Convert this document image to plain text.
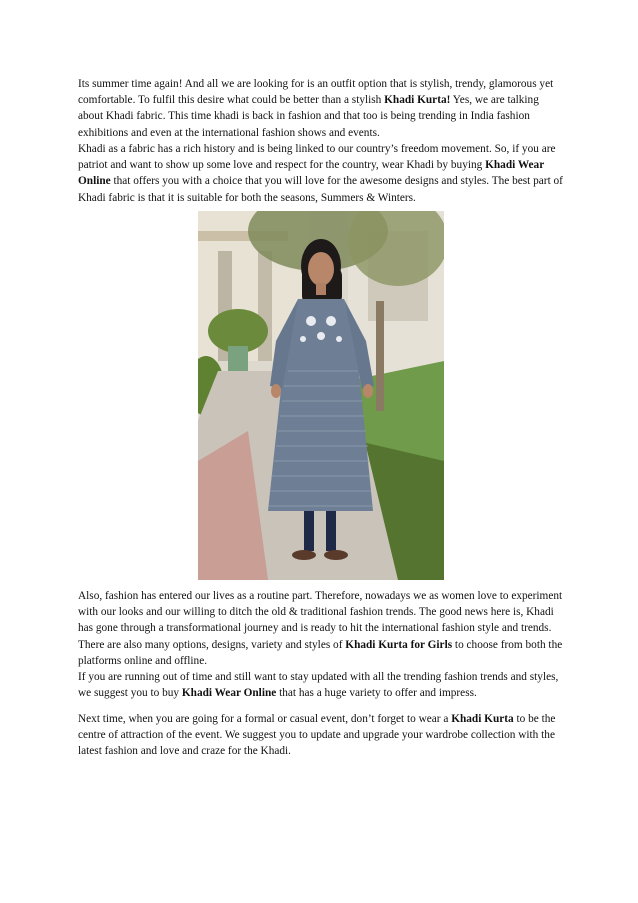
Its summer time again! And all we are looking for is an outfit option that is stylish, trendy, glamorous yet comfortable. To fulfil this desire what could be better than a stylish Khadi Kurta! Yes, we are talking about Khadi fabric. This time khadi is back in fashion and that too is being trending in India fashion exhibitions and even at the international fashion shows and events.

Khadi as a fabric has a rich history and is being linked to our country’s freedom movement. So, if you are patriot and want to show up some love and respect for the country, wear Khadi by buying Khadi Wear Online that offers you with a choice that you will love for the awesome designs and styles. The best part of Khadi fabric is that it is suitable for both the seasons, Summers & Winters.

Also, fashion has entered our lives as a routine part. Therefore, nowadays we as women love to experiment with our looks and our willing to ditch the old & traditional fashion trends. The good news here is, Khadi has gone through a transformational journey and is ready to hit the international fashion style and trends. There are also many options, designs, variety and styles of Khadi Kurta for Girls to choose from both the platforms online and offline.

If you are running out of time and still want to stay updated with all the trending fashion trends and styles, we suggest you to buy Khadi Wear Online that has a huge variety to offer and impress.

Next time, when you are going for a formal or casual event, don’t forget to wear a Khadi Kurta to be the centre of attraction of the event. We suggest you to update and upgrade your wardrobe collection with the latest fashion and love and craze for the Khadi.
